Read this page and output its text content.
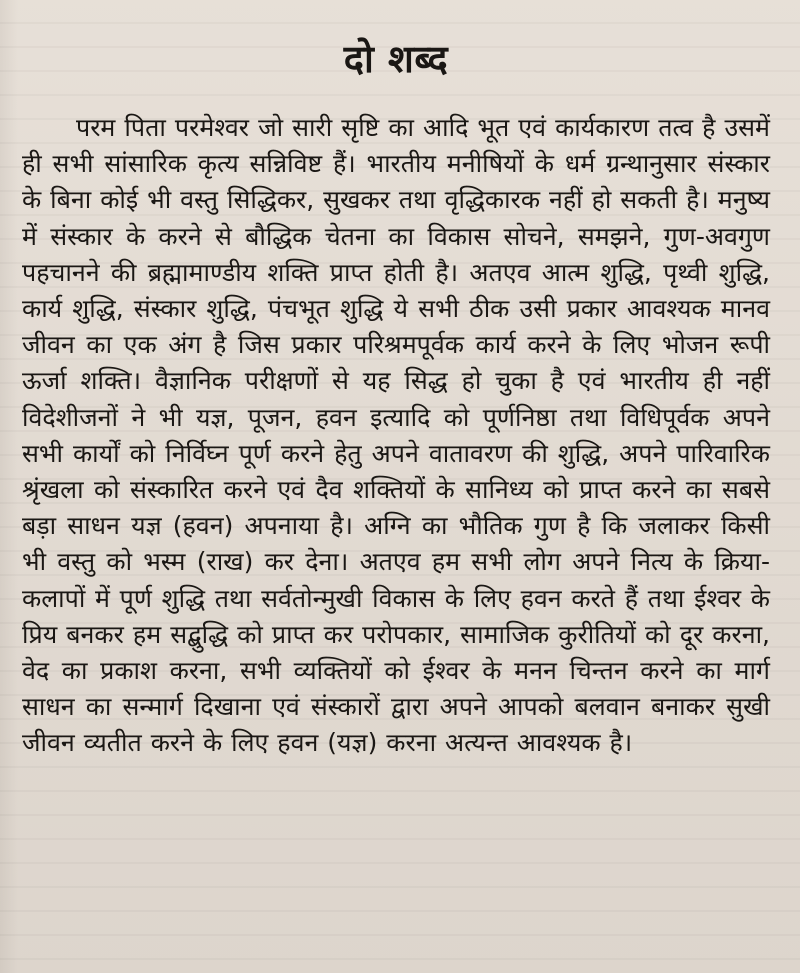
दो शब्द

परम पिता परमेश्वर जो सारी सृष्टि का आदि भूत एवं कार्यकारण तत्व है उसमें ही सभी सांसारिक कृत्य सन्निविष्ट हैं। भारतीय मनीषियों के धर्म ग्रन्थानुसार संस्कार के बिना कोई भी वस्तु सिद्धिकर, सुखकर तथा वृद्धिकारक नहीं हो सकती है। मनुष्य में संस्कार के करने से बौद्धिक चेतना का विकास सोचने, समझने, गुण-अवगुण पहचानने की ब्रह्मामाण्डीय शक्ति प्राप्त होती है। अतएव आत्म शुद्धि, पृथ्वी शुद्धि, कार्य शुद्धि, संस्कार शुद्धि, पंचभूत शुद्धि ये सभी ठीक उसी प्रकार आवश्यक मानव जीवन का एक अंग है जिस प्रकार परिश्रमपूर्वक कार्य करने के लिए भोजन रूपी ऊर्जा शक्ति। वैज्ञानिक परीक्षणों से यह सिद्ध हो चुका है एवं भारतीय ही नहीं विदेशीजनों ने भी यज्ञ, पूजन, हवन इत्यादि को पूर्णनिष्ठा तथा विधिपूर्वक अपने सभी कार्यों को निर्विघ्न पूर्ण करने हेतु अपने वातावरण की शुद्धि, अपने पारिवारिक श्रृंखला को संस्कारित करने एवं दैव शक्तियों के सानिध्य को प्राप्त करने का सबसे बड़ा साधन यज्ञ (हवन) अपनाया है। अग्नि का भौतिक गुण है कि जलाकर किसी भी वस्तु को भस्म (राख) कर देना। अतएव हम सभी लोग अपने नित्य के क्रिया-कलापों में पूर्ण शुद्धि तथा सर्वतोन्मुखी विकास के लिए हवन करते हैं तथा ईश्वर के प्रिय बनकर हम सद्बुद्धि को प्राप्त कर परोपकार, सामाजिक कुरीतियों को दूर करना, वेद का प्रकाश करना, सभी व्यक्तियों को ईश्वर के मनन चिन्तन करने का मार्ग साधन का सन्मार्ग दिखाना एवं संस्कारों द्वारा अपने आपको बलवान बनाकर सुखी जीवन व्यतीत करने के लिए हवन (यज्ञ) करना अत्यन्त आवश्यक है।
